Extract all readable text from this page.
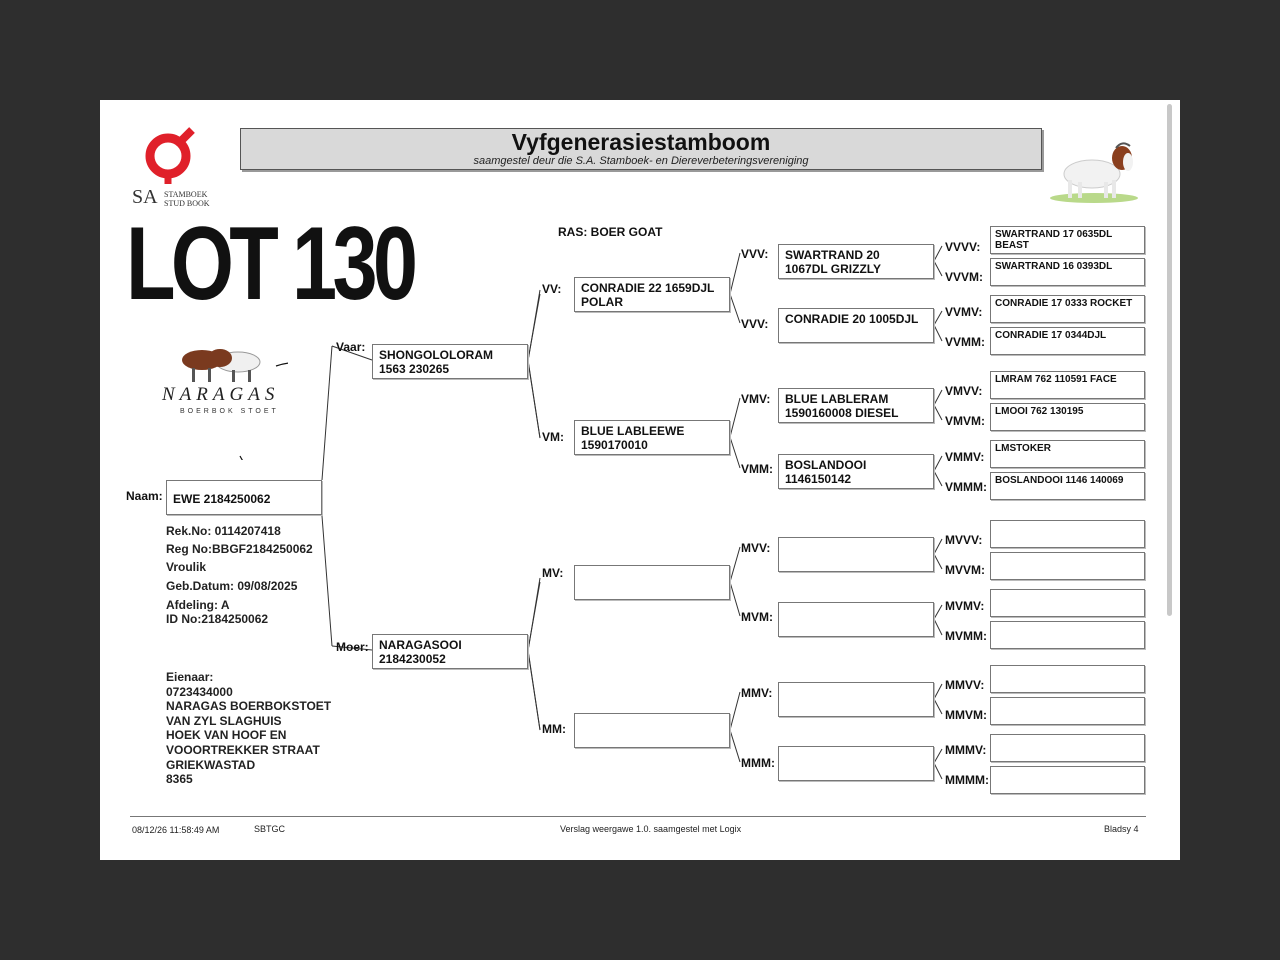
SA STAMBOEK
STUD BOOK
Vyfgenerasiestamboom
saamgestel deur die S.A. Stamboek- en Diereverbeteringsvereniging
LOT 130
NARAGAS
BOERBOK STOET
RAS: BOER GOAT
Naam: EWE 2184250062
Rek.No: 0114207418
Reg No:BBGF2184250062
Vroulik
Geb.Datum: 09/08/2025
Afdeling: A
ID No:2184250062
Eienaar:
0723434000
NARAGAS BOERBOKSTOET
VAN ZYL SLAGHUIS
HOEK VAN HOOF EN
VOOORTREKKER STRAAT
GRIEKWASTAD
8365
Vaar:
SHONGOLOLORAM
1563 230265
Moer: NARAGASOOI
2184230052
VV: CONRADIE 22 1659DJL
POLAR
VM: BLUE LABLEEWE
1590170010
MV:
MM:
VVV: SWARTRAND 20
1067DL GRIZZLY
VVV: CONRADIE 20 1005DJL
VMV: BLUE LABLERAM
1590160008 DIESEL
VMM: BOSLANDOOI
1146150142
MVV:
MVM:
MMV:
MMM:
VVVV:
SWARTRAND 17 0635DL
BEAST
VVVM:
SWARTRAND 16 0393DL
VVMV:
CONRADIE 17 0333 ROCKET
VVMM: CONRADIE 17 0344DJL
VMVV:
LMRAM 762 110591 FACE
VMVM:
LMOOI 762 130195
VMMV:
LMSTOKER
VMMM: BOSLANDOOI 1146 140069
MVVV:
MVVM:
MVMV:
MVMM:
MMVV:
MMVM:
MMMV:
MMMM:
08/12/26 11:58:49 AM	SBTGC	Verslag weergawe 1.0. saamgestel met Logix	Bladsy 4
